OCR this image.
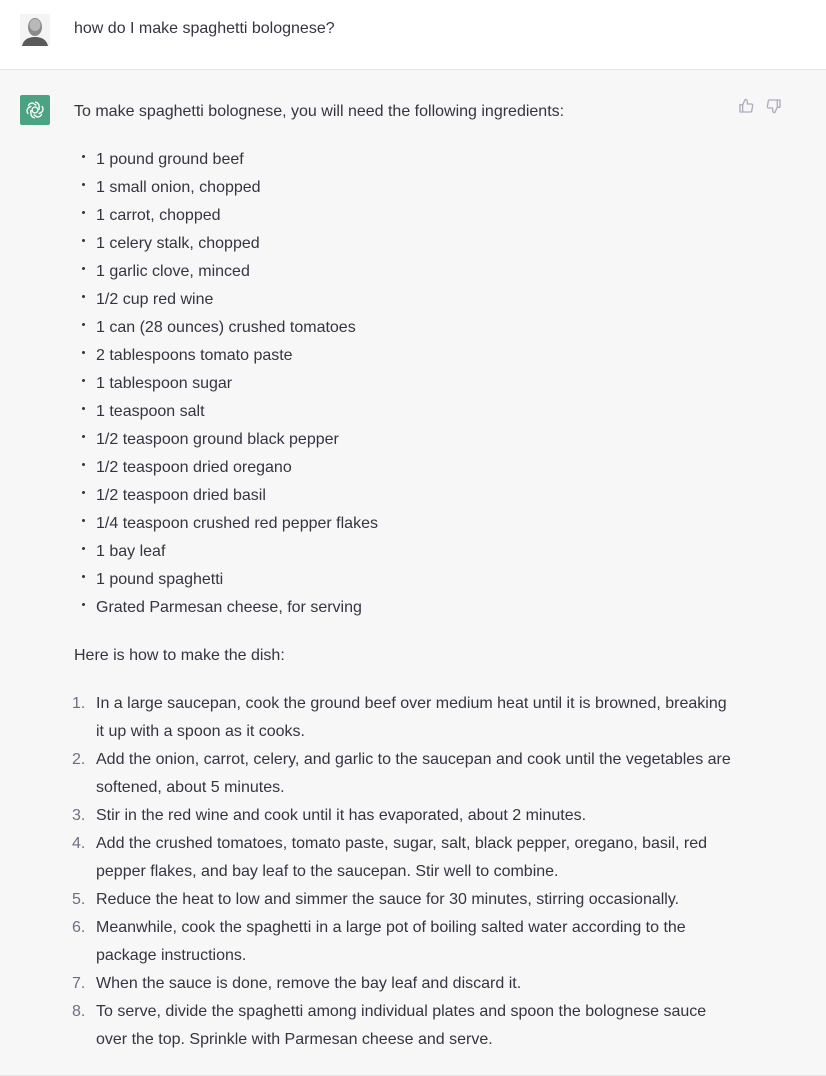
how do I make spaghetti bolognese?

To make spaghetti bolognese, you will need the following ingredients:

1 pound ground beef
1 small onion, chopped
1 carrot, chopped
1 celery stalk, chopped
1 garlic clove, minced
1/2 cup red wine
1 can (28 ounces) crushed tomatoes
2 tablespoons tomato paste
1 tablespoon sugar
1 teaspoon salt
1/2 teaspoon ground black pepper
1/2 teaspoon dried oregano
1/2 teaspoon dried basil
1/4 teaspoon crushed red pepper flakes
1 bay leaf
1 pound spaghetti
Grated Parmesan cheese, for serving

Here is how to make the dish:

1. In a large saucepan, cook the ground beef over medium heat until it is browned, breaking it up with a spoon as it cooks.
2. Add the onion, carrot, celery, and garlic to the saucepan and cook until the vegetables are softened, about 5 minutes.
3. Stir in the red wine and cook until it has evaporated, about 2 minutes.
4. Add the crushed tomatoes, tomato paste, sugar, salt, black pepper, oregano, basil, red pepper flakes, and bay leaf to the saucepan. Stir well to combine.
5. Reduce the heat to low and simmer the sauce for 30 minutes, stirring occasionally.
6. Meanwhile, cook the spaghetti in a large pot of boiling salted water according to the package instructions.
7. When the sauce is done, remove the bay leaf and discard it.
8. To serve, divide the spaghetti among individual plates and spoon the bolognese sauce over the top. Sprinkle with Parmesan cheese and serve.
